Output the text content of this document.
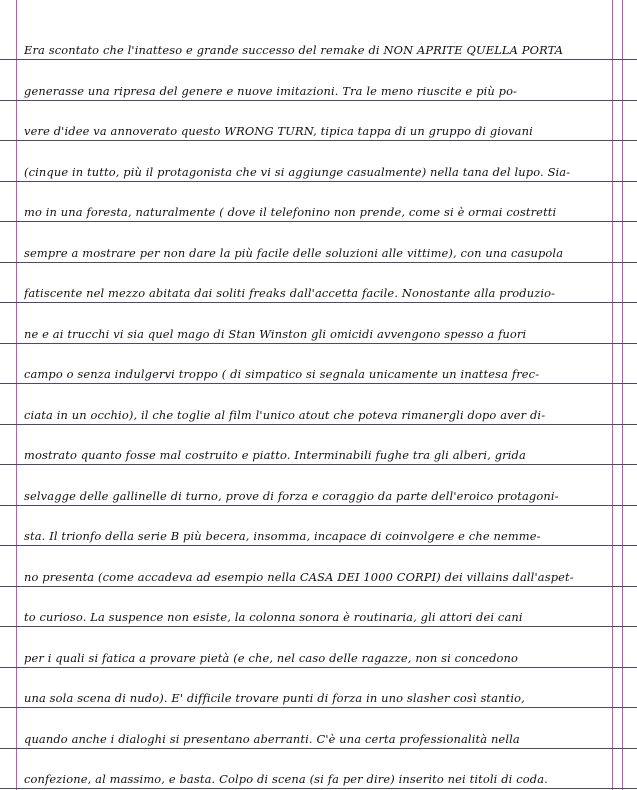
Era scontato che l'inatteso e grande successo del remake di NON APRITE QUELLA PORTA
generasse una ripresa del genere e nuove imitazioni. Tra le meno riuscite e più po-
vere d'idee va annoverato questo WRONG TURN, tipica tappa di un gruppo di giovani
(cinque in tutto, più il protagonista che vi si aggiunge casualmente) nella tana del lupo. Sia-
mo in una foresta, naturalmente ( dove il telefonino non prende, come si è ormai costretti
sempre a mostrare per non dare la più facile delle soluzioni alle vittime), con una casupola
fatiscente nel mezzo abitata dai soliti freaks dall'accetta facile. Nonostante alla produzio-
ne e ai trucchi vi sia quel mago di Stan Winston gli omicidi avvengono spesso a fuori
campo o senza indulgervi troppo ( di simpatico si segnala unicamente un inattesa frec-
ciata in un occhio), il che toglie al film l'unico atout che poteva rimanergli dopo aver di-
mostrato quanto fosse mal costruito e piatto. Interminabili fughe tra gli alberi, grida
selvagge delle gallinelle di turno, prove di forza e coraggio da parte dell'eroico protagoni-
sta. Il trionfo della serie B più becera, insomma, incapace di coinvolgere e che nemme-
no presenta (come accadeva ad esempio nella CASA DEI 1000 CORPI) dei villains dall'aspet-
to curioso. La suspence non esiste, la colonna sonora è routinaria, gli attori dei cani
per i quali si fatica a provare pietà (e che, nel caso delle ragazze, non si concedono
una sola scena di nudo). E' difficile trovare punti di forza in uno slasher così stantio,
quando anche i dialoghi si presentano aberranti. C'è una certa professionalità nella
confezione, al massimo, e basta. Colpo di scena (si fa per dire) inserito nei titoli di coda.
